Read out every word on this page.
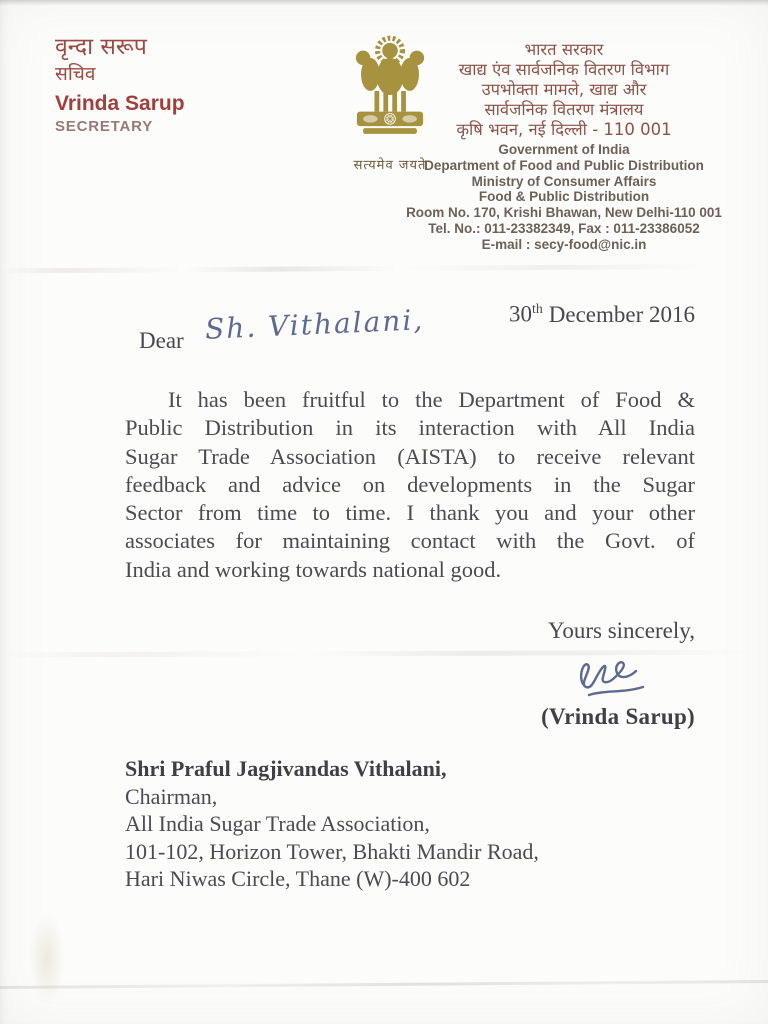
वृन्दा सरूप
सचिव
Vrinda Sarup
SECRETARY
सत्यमेव जयते
भारत सरकार
खाद्य एंव सार्वजनिक वितरण विभाग
उपभोक्ता मामले, खाद्य और
सार्वजनिक वितरण मंत्रालय
कृषि भवन, नई दिल्ली - 110 001
Government of India
Department of Food and Public Distribution
Ministry of Consumer Affairs
Food & Public Distribution
Room No. 170, Krishi Bhawan, New Delhi-110 001
Tel. No.: 011-23382349, Fax : 011-23386052
E-mail : secy-food@nic.in
30th December 2016
Dear Sh. Vithalani,
It has been fruitful to the Department of Food &
Public Distribution in its interaction with All India
Sugar Trade Association (AISTA) to receive relevant
feedback and advice on developments in the Sugar
Sector from time to time. I thank you and your other
associates for maintaining contact with the Govt. of
India and working towards national good.
Yours sincerely,
(Vrinda Sarup)
Shri Praful Jagjivandas Vithalani,
Chairman,
All India Sugar Trade Association,
101-102, Horizon Tower, Bhakti Mandir Road,
Hari Niwas Circle, Thane (W)-400 602
